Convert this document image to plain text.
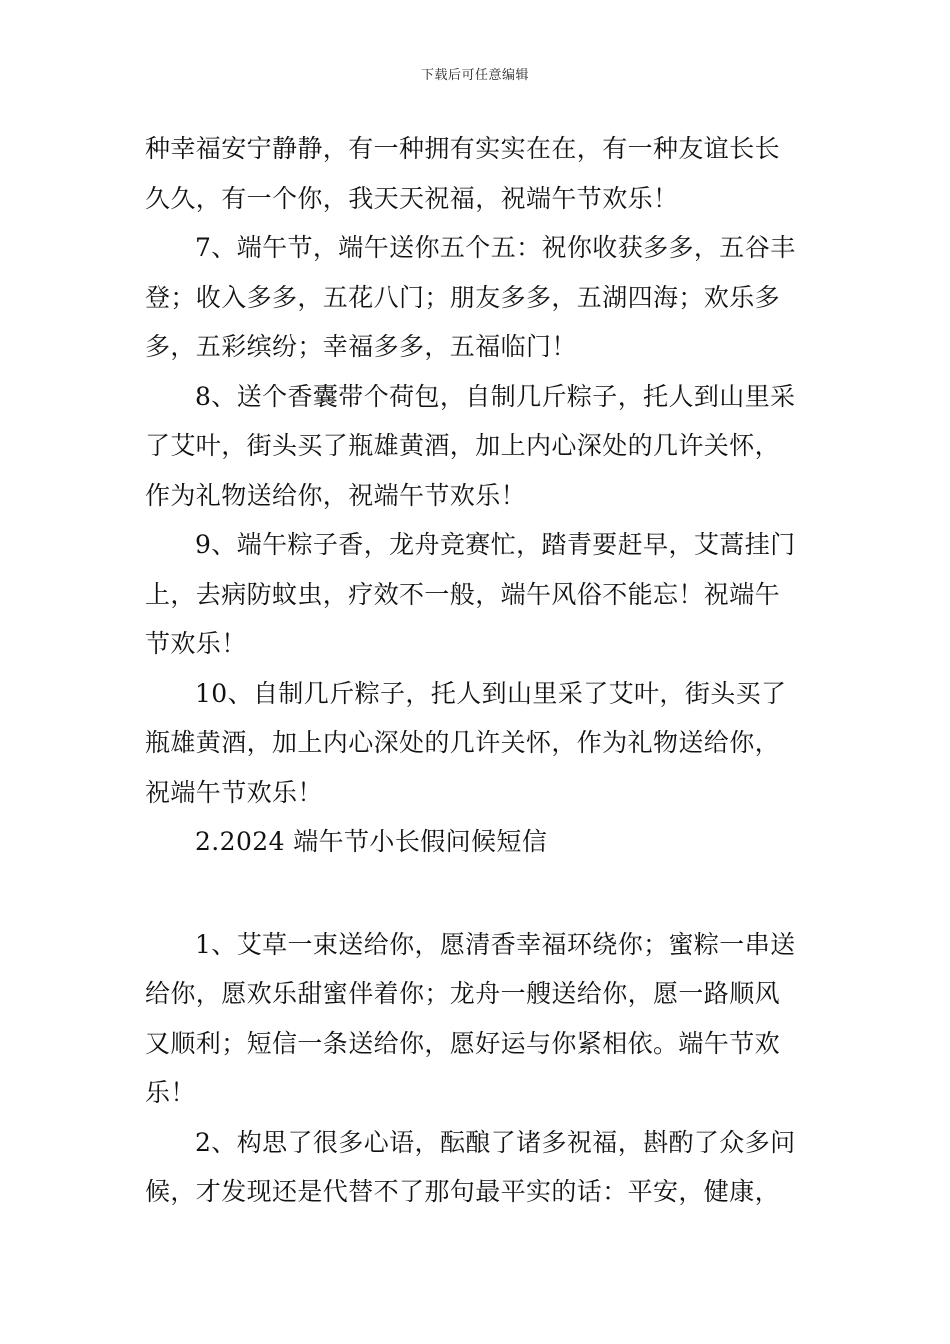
下载后可任意编辑
种幸福安宁静静，有一种拥有实实在在，有一种友谊长长
久久，有一个你，我天天祝福，祝端午节欢乐！
7、端午节，端午送你五个五：祝你收获多多，五谷丰
登；收入多多，五花八门；朋友多多，五湖四海；欢乐多
多，五彩缤纷；幸福多多，五福临门！
8、送个香囊带个荷包，自制几斤粽子，托人到山里采
了艾叶，街头买了瓶雄黄酒，加上内心深处的几许关怀，
作为礼物送给你，祝端午节欢乐！
9、端午粽子香，龙舟竞赛忙，踏青要赶早，艾蒿挂门
上，去病防蚊虫，疗效不一般，端午风俗不能忘！祝端午
节欢乐！
10、自制几斤粽子，托人到山里采了艾叶，街头买了
瓶雄黄酒，加上内心深处的几许关怀，作为礼物送给你，
祝端午节欢乐！
2.2024 端午节小长假问候短信
1、艾草一束送给你，愿清香幸福环绕你；蜜粽一串送
给你，愿欢乐甜蜜伴着你；龙舟一艘送给你，愿一路顺风
又顺利；短信一条送给你，愿好运与你紧相依。端午节欢
乐！
2、构思了很多心语，酝酿了诸多祝福，斟酌了众多问
候，才发现还是代替不了那句最平实的话：平安，健康，
